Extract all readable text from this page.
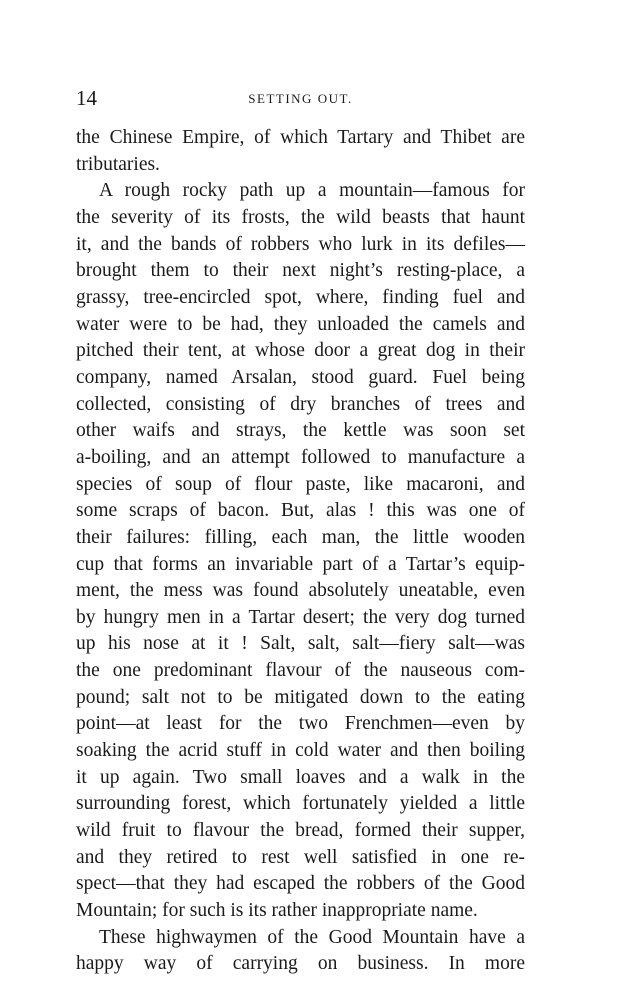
14	SETTING OUT.
the Chinese Empire, of which Tartary and Thibet are
tributaries.
A rough rocky path up a mountain—famous for
the severity of its frosts, the wild beasts that haunt
it, and the bands of robbers who lurk in its defiles—
brought them to their next night’s resting-place, a
grassy, tree-encircled spot, where, finding fuel and
water were to be had, they unloaded the camels and
pitched their tent, at whose door a great dog in their
company, named Arsalan, stood guard. Fuel being
collected, consisting of dry branches of trees and
other waifs and strays, the kettle was soon set
a-boiling, and an attempt followed to manufacture a
species of soup of flour paste, like macaroni, and
some scraps of bacon. But, alas ! this was one of
their failures: filling, each man, the little wooden
cup that forms an invariable part of a Tartar’s equip-
ment, the mess was found absolutely uneatable, even
by hungry men in a Tartar desert; the very dog turned
up his nose at it ! Salt, salt, salt—fiery salt—was
the one predominant flavour of the nauseous com-
pound; salt not to be mitigated down to the eating
point—at least for the two Frenchmen—even by
soaking the acrid stuff in cold water and then boiling
it up again. Two small loaves and a walk in the
surrounding forest, which fortunately yielded a little
wild fruit to flavour the bread, formed their supper,
and they retired to rest well satisfied in one re-
spect—that they had escaped the robbers of the Good
Mountain; for such is its rather inappropriate name.
These highwaymen of the Good Mountain have a
happy way of carrying on business. In more
